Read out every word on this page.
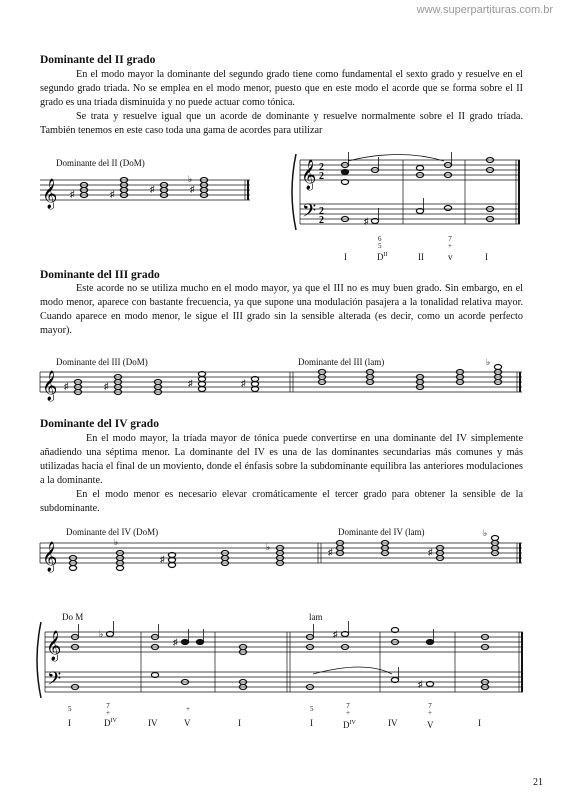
www.superpartituras.com.br
Dominante del II grado

En el modo mayor la dominante del segundo grado tiene como fundamental el sexto grado y resuelve en el segundo grado triada. No se emplea en el modo menor, puesto que en este modo el acorde que se forma sobre el II grado es una triada disminuida y no puede actuar como tónica.

Se trata y resuelve igual que un acorde de dominante y resuelve normalmente sobre el II grado tríada. También tenemos en este caso toda una gama de acordes para utilizar

Dominante del II (DoM)
𝄞 ♯	♯	♯
♭
♯	𝄞
𝄢
2
2
2
2	♯
I
6
5
$D^{II}$	II
7
+
v	I
Dominante del III grado

Este acorde no se utiliza mucho en el modo mayor, ya que el III no es muy buen grado. Sin embargo, en el modo menor, aparece con bastante frecuencia, ya que supone una modulación pasajera a la tonalidad relativa mayor. Cuando aparece en modo menor, le sigue el III grado sin la sensible alterada (es decir, como un acorde perfecto mayor).

Dominante del III (DoM)	Dominante del III (lam)
𝄞 ♯	♯	♯	♯
♭
Dominante del IV grado

En el modo mayor, la tríada mayor de tónica puede convertirse en una dominante del IV simplemente añadiendo una séptima menor. La dominante del IV es una de las dominantes secundarias más comunes y más utilizadas hacia el final de un moviento, donde el énfasis sobre la subdominante equilibra las anteriores modulaciones a la dominante.

En el modo menor es necesario elevar cromáticamente el tercer grado para obtener la sensible de la subdominante.

Dominante del IV (DoM)	Dominante del IV (lam)
𝄞	♭
♯
♭	♯	♯
♭
Do M	lam
𝄞
𝄢
♭
♯
♯
♯
5
I
7
+
$D^{IV}$	IV
+
V	I
5
I
7
+
$D^{IV}$	IV
7
+
V	I
21
